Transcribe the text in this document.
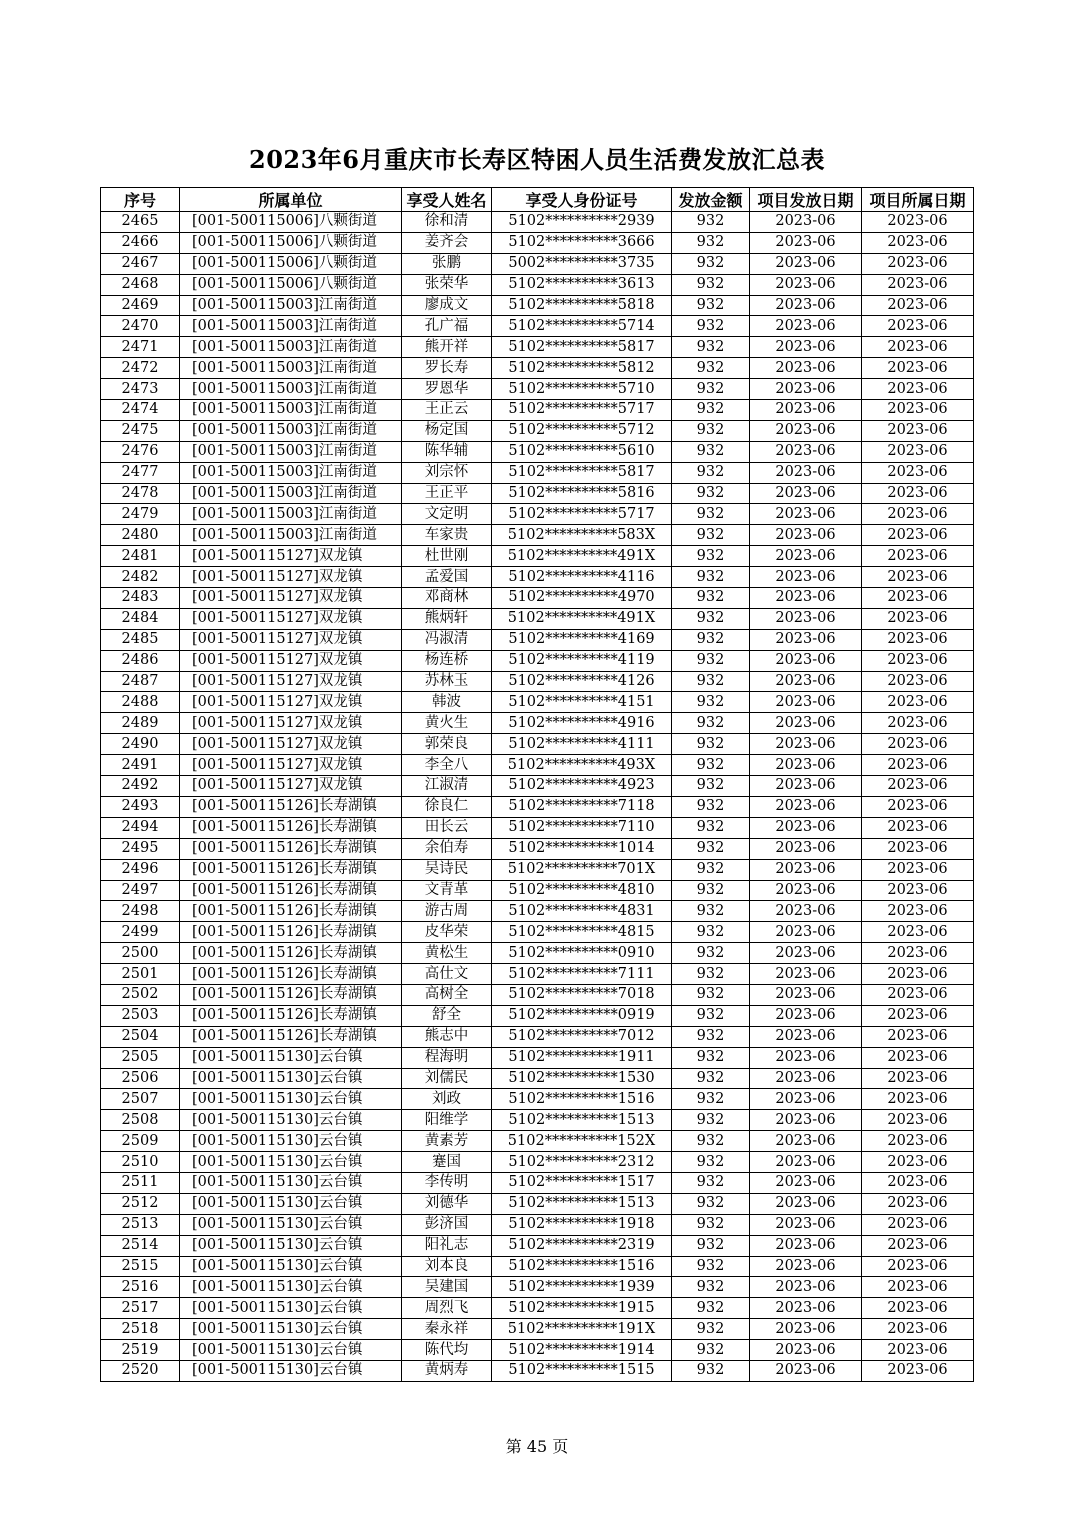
2023年6月重庆市长寿区特困人员生活费发放汇总表
序号	所属单位	享受人姓名	享受人身份证号	发放金额	项目发放日期	项目所属日期
2465	[001-500115006]八颗街道	徐和清	5102**********2939	932	2023-06	2023-06
2466	[001-500115006]八颗街道	姜齐会	5102**********3666	932	2023-06	2023-06
2467	[001-500115006]八颗街道	张鹏	5002**********3735	932	2023-06	2023-06
2468	[001-500115006]八颗街道	张荣华	5102**********3613	932	2023-06	2023-06
2469	[001-500115003]江南街道	廖成文	5102**********5818	932	2023-06	2023-06
2470	[001-500115003]江南街道	孔广福	5102**********5714	932	2023-06	2023-06
2471	[001-500115003]江南街道	熊开祥	5102**********5817	932	2023-06	2023-06
2472	[001-500115003]江南街道	罗长寿	5102**********5812	932	2023-06	2023-06
2473	[001-500115003]江南街道	罗恩华	5102**********5710	932	2023-06	2023-06
2474	[001-500115003]江南街道	王正云	5102**********5717	932	2023-06	2023-06
2475	[001-500115003]江南街道	杨定国	5102**********5712	932	2023-06	2023-06
2476	[001-500115003]江南街道	陈华辅	5102**********5610	932	2023-06	2023-06
2477	[001-500115003]江南街道	刘宗怀	5102**********5817	932	2023-06	2023-06
2478	[001-500115003]江南街道	王正平	5102**********5816	932	2023-06	2023-06
2479	[001-500115003]江南街道	文定明	5102**********5717	932	2023-06	2023-06
2480	[001-500115003]江南街道	车家贵	5102**********583X	932	2023-06	2023-06
2481	[001-500115127]双龙镇	杜世刚	5102**********491X	932	2023-06	2023-06
2482	[001-500115127]双龙镇	孟爱国	5102**********4116	932	2023-06	2023-06
2483	[001-500115127]双龙镇	邓商林	5102**********4970	932	2023-06	2023-06
2484	[001-500115127]双龙镇	熊炳轩	5102**********491X	932	2023-06	2023-06
2485	[001-500115127]双龙镇	冯淑清	5102**********4169	932	2023-06	2023-06
2486	[001-500115127]双龙镇	杨连桥	5102**********4119	932	2023-06	2023-06
2487	[001-500115127]双龙镇	苏林玉	5102**********4126	932	2023-06	2023-06
2488	[001-500115127]双龙镇	韩波	5102**********4151	932	2023-06	2023-06
2489	[001-500115127]双龙镇	黄火生	5102**********4916	932	2023-06	2023-06
2490	[001-500115127]双龙镇	郭荣良	5102**********4111	932	2023-06	2023-06
2491	[001-500115127]双龙镇	李全八	5102**********493X	932	2023-06	2023-06
2492	[001-500115127]双龙镇	江淑清	5102**********4923	932	2023-06	2023-06
2493	[001-500115126]长寿湖镇	徐良仁	5102**********7118	932	2023-06	2023-06
2494	[001-500115126]长寿湖镇	田长云	5102**********7110	932	2023-06	2023-06
2495	[001-500115126]长寿湖镇	余伯寿	5102**********1014	932	2023-06	2023-06
2496	[001-500115126]长寿湖镇	吴诗民	5102**********701X	932	2023-06	2023-06
2497	[001-500115126]长寿湖镇	文青革	5102**********4810	932	2023-06	2023-06
2498	[001-500115126]长寿湖镇	游古周	5102**********4831	932	2023-06	2023-06
2499	[001-500115126]长寿湖镇	皮华荣	5102**********4815	932	2023-06	2023-06
2500	[001-500115126]长寿湖镇	黄松生	5102**********0910	932	2023-06	2023-06
2501	[001-500115126]长寿湖镇	高仕文	5102**********7111	932	2023-06	2023-06
2502	[001-500115126]长寿湖镇	高树全	5102**********7018	932	2023-06	2023-06
2503	[001-500115126]长寿湖镇	舒全	5102**********0919	932	2023-06	2023-06
2504	[001-500115126]长寿湖镇	熊志中	5102**********7012	932	2023-06	2023-06
2505	[001-500115130]云台镇	程海明	5102**********1911	932	2023-06	2023-06
2506	[001-500115130]云台镇	刘儒民	5102**********1530	932	2023-06	2023-06
2507	[001-500115130]云台镇	刘政	5102**********1516	932	2023-06	2023-06
2508	[001-500115130]云台镇	阳维学	5102**********1513	932	2023-06	2023-06
2509	[001-500115130]云台镇	黄素芳	5102**********152X	932	2023-06	2023-06
2510	[001-500115130]云台镇	蹇国	5102**********2312	932	2023-06	2023-06
2511	[001-500115130]云台镇	李传明	5102**********1517	932	2023-06	2023-06
2512	[001-500115130]云台镇	刘德华	5102**********1513	932	2023-06	2023-06
2513	[001-500115130]云台镇	彭济国	5102**********1918	932	2023-06	2023-06
2514	[001-500115130]云台镇	阳礼志	5102**********2319	932	2023-06	2023-06
2515	[001-500115130]云台镇	刘本良	5102**********1516	932	2023-06	2023-06
2516	[001-500115130]云台镇	吴建国	5102**********1939	932	2023-06	2023-06
2517	[001-500115130]云台镇	周烈飞	5102**********1915	932	2023-06	2023-06
2518	[001-500115130]云台镇	秦永祥	5102**********191X	932	2023-06	2023-06
2519	[001-500115130]云台镇	陈代均	5102**********1914	932	2023-06	2023-06
2520	[001-500115130]云台镇	黄炳寿	5102**********1515	932	2023-06	2023-06
第 45 页
